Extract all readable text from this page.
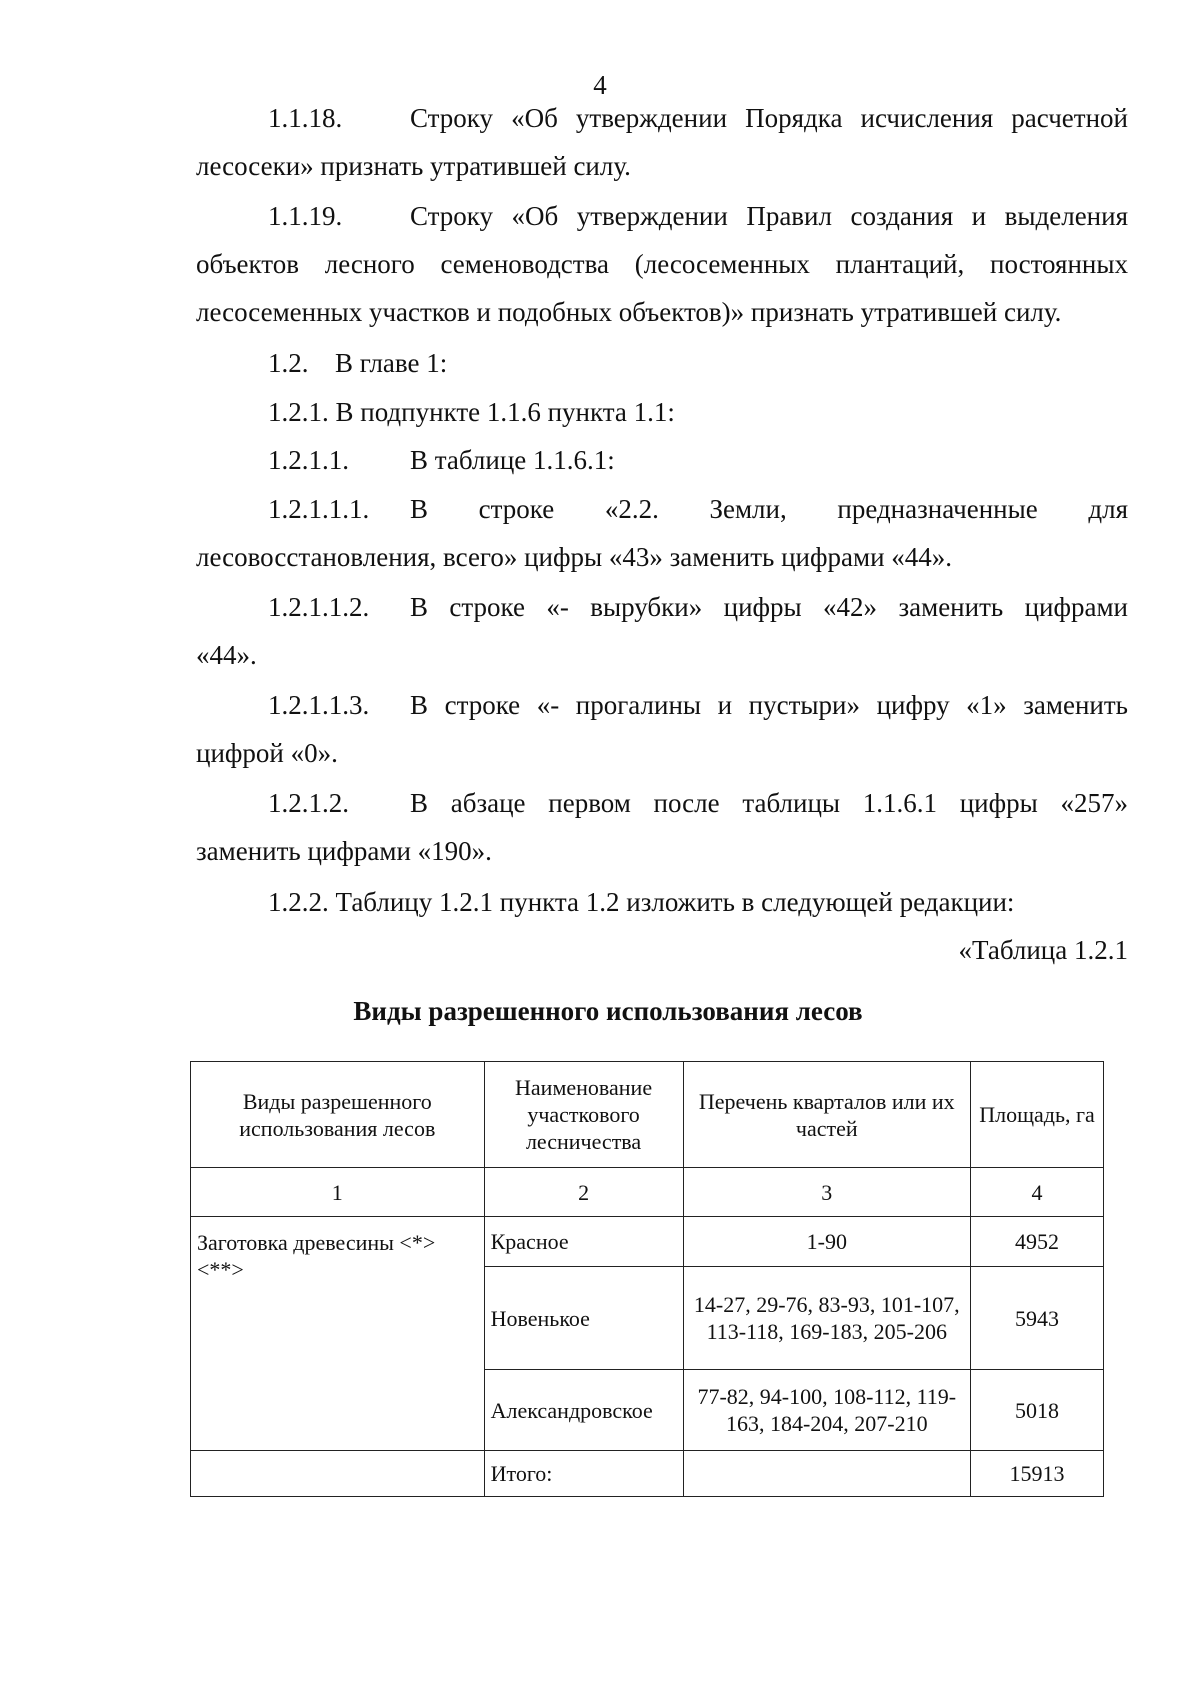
4
1.1.18.	Строку «Об утверждении Порядка исчисления расчетной
лесосеки» признать утратившей силу.
1.1.19.	Строку «Об утверждении Правил создания и выделения
объектов лесного семеноводства (лесосеменных плантаций, постоянных
лесосеменных участков и подобных объектов)» признать утратившей силу.
1.2. В главе 1:
1.2.1. В подпункте 1.1.6 пункта 1.1:
1.2.1.1. В таблице 1.1.6.1:
1.2.1.1.1. В строке «2.2. Земли, предназначенные для
лесовосстановления, всего» цифры «43» заменить цифрами «44».
1.2.1.1.2. В строке «- вырубки» цифры «42» заменить цифрами
«44».
1.2.1.1.3. В строке «- прогалины и пустыри» цифру «1» заменить
цифрой «0».
1.2.1.2. В абзаце первом после таблицы 1.1.6.1 цифры «257»
заменить цифрами «190».
1.2.2. Таблицу 1.2.1 пункта 1.2 изложить в следующей редакции:
«Таблица 1.2.1
Виды разрешенного использования лесов
Виды разрешенного использования лесов	Наименование участкового лесничества	Перечень кварталов или их частей	Площадь, га
1	2	3	4
Заготовка древесины <*> <**>	Красное	1-90	4952
	Новенькое	14-27, 29-76, 83-93, 101-107, 113-118, 169-183, 205-206	5943
	Александровское	77-82, 94-100, 108-112, 119-163, 184-204, 207-210	5018
	Итого:		15913
